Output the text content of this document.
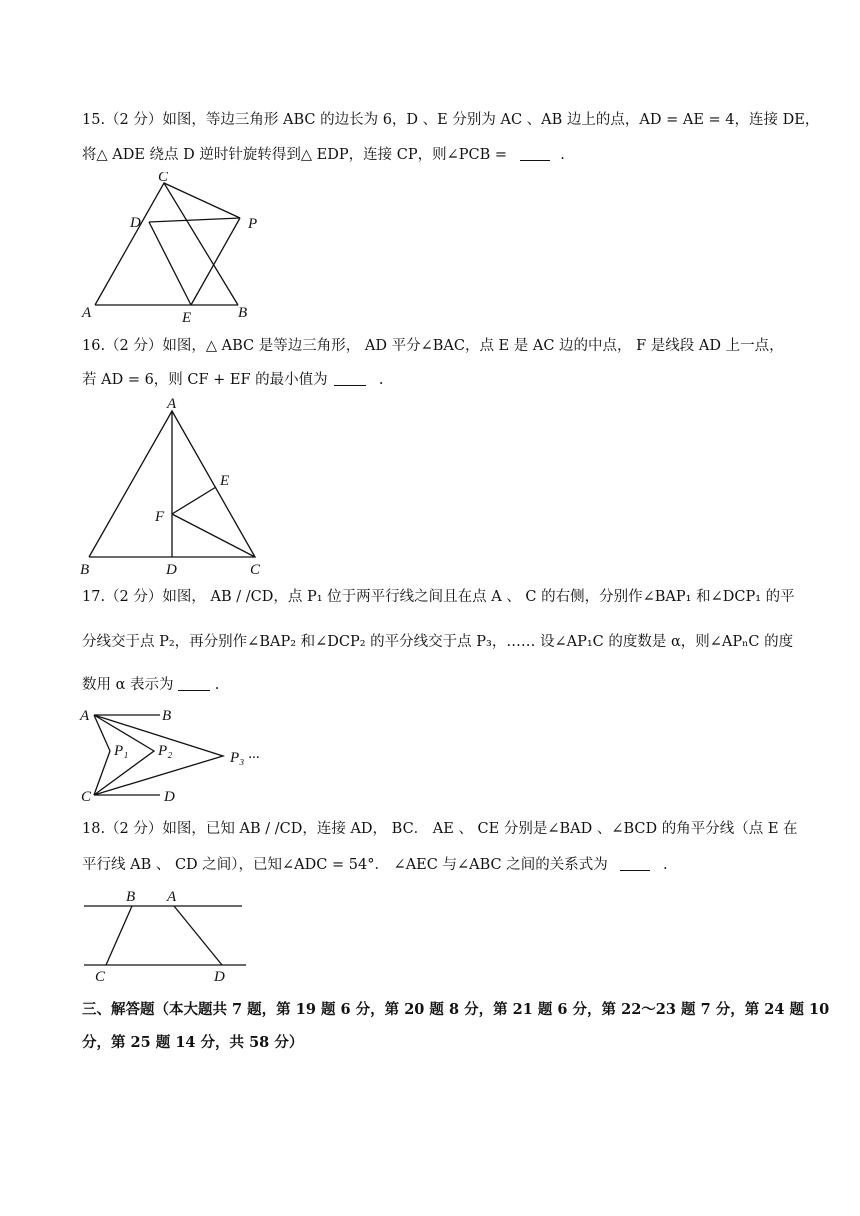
15.（2 分）如图，等边三角形 ABC 的边长为 6，D 、E 分别为 AC 、AB 边上的点，AD = AE = 4，连接 DE，
将△ ADE 绕点 D 逆时针旋转得到△ EDP，连接 CP，则∠PCB =	.
C
D	P
A	B
E
16.（2 分）如图，△ ABC 是等边三角形， AD 平分∠BAC，点 E 是 AC 边的中点， F 是线段 AD 上一点，
若 AD = 6，则 CF + EF 的最小值为	.
A
E
F
B	D	C
17.（2 分）如图， AB / /CD，点 P₁ 位于两平行线之间且在点 A 、 C 的右侧，分别作∠BAP₁ 和∠DCP₁ 的平
分线交于点 P₂，再分别作∠BAP₂ 和∠DCP₂ 的平分线交于点 P₃，…… 设∠AP₁C 的度数是 α，则∠APₙC 的度
数用 α 表示为	.
A	B
P₁ P₂	P₃ ···
C	D
18.（2 分）如图，已知 AB / /CD，连接 AD， BC． AE 、 CE 分别是∠BAD 、∠BCD 的角平分线（点 E 在
平行线 AB 、 CD 之间），已知∠ADC = 54°． ∠AEC 与∠ABC 之间的关系式为	.
B A
C	D
三、解答题（本大题共 7 题，第 19 题 6 分，第 20 题 8 分，第 21 题 6 分，第 22～23 题 7 分，第 24 题 10
分，第 25 题 14 分，共 58 分）
